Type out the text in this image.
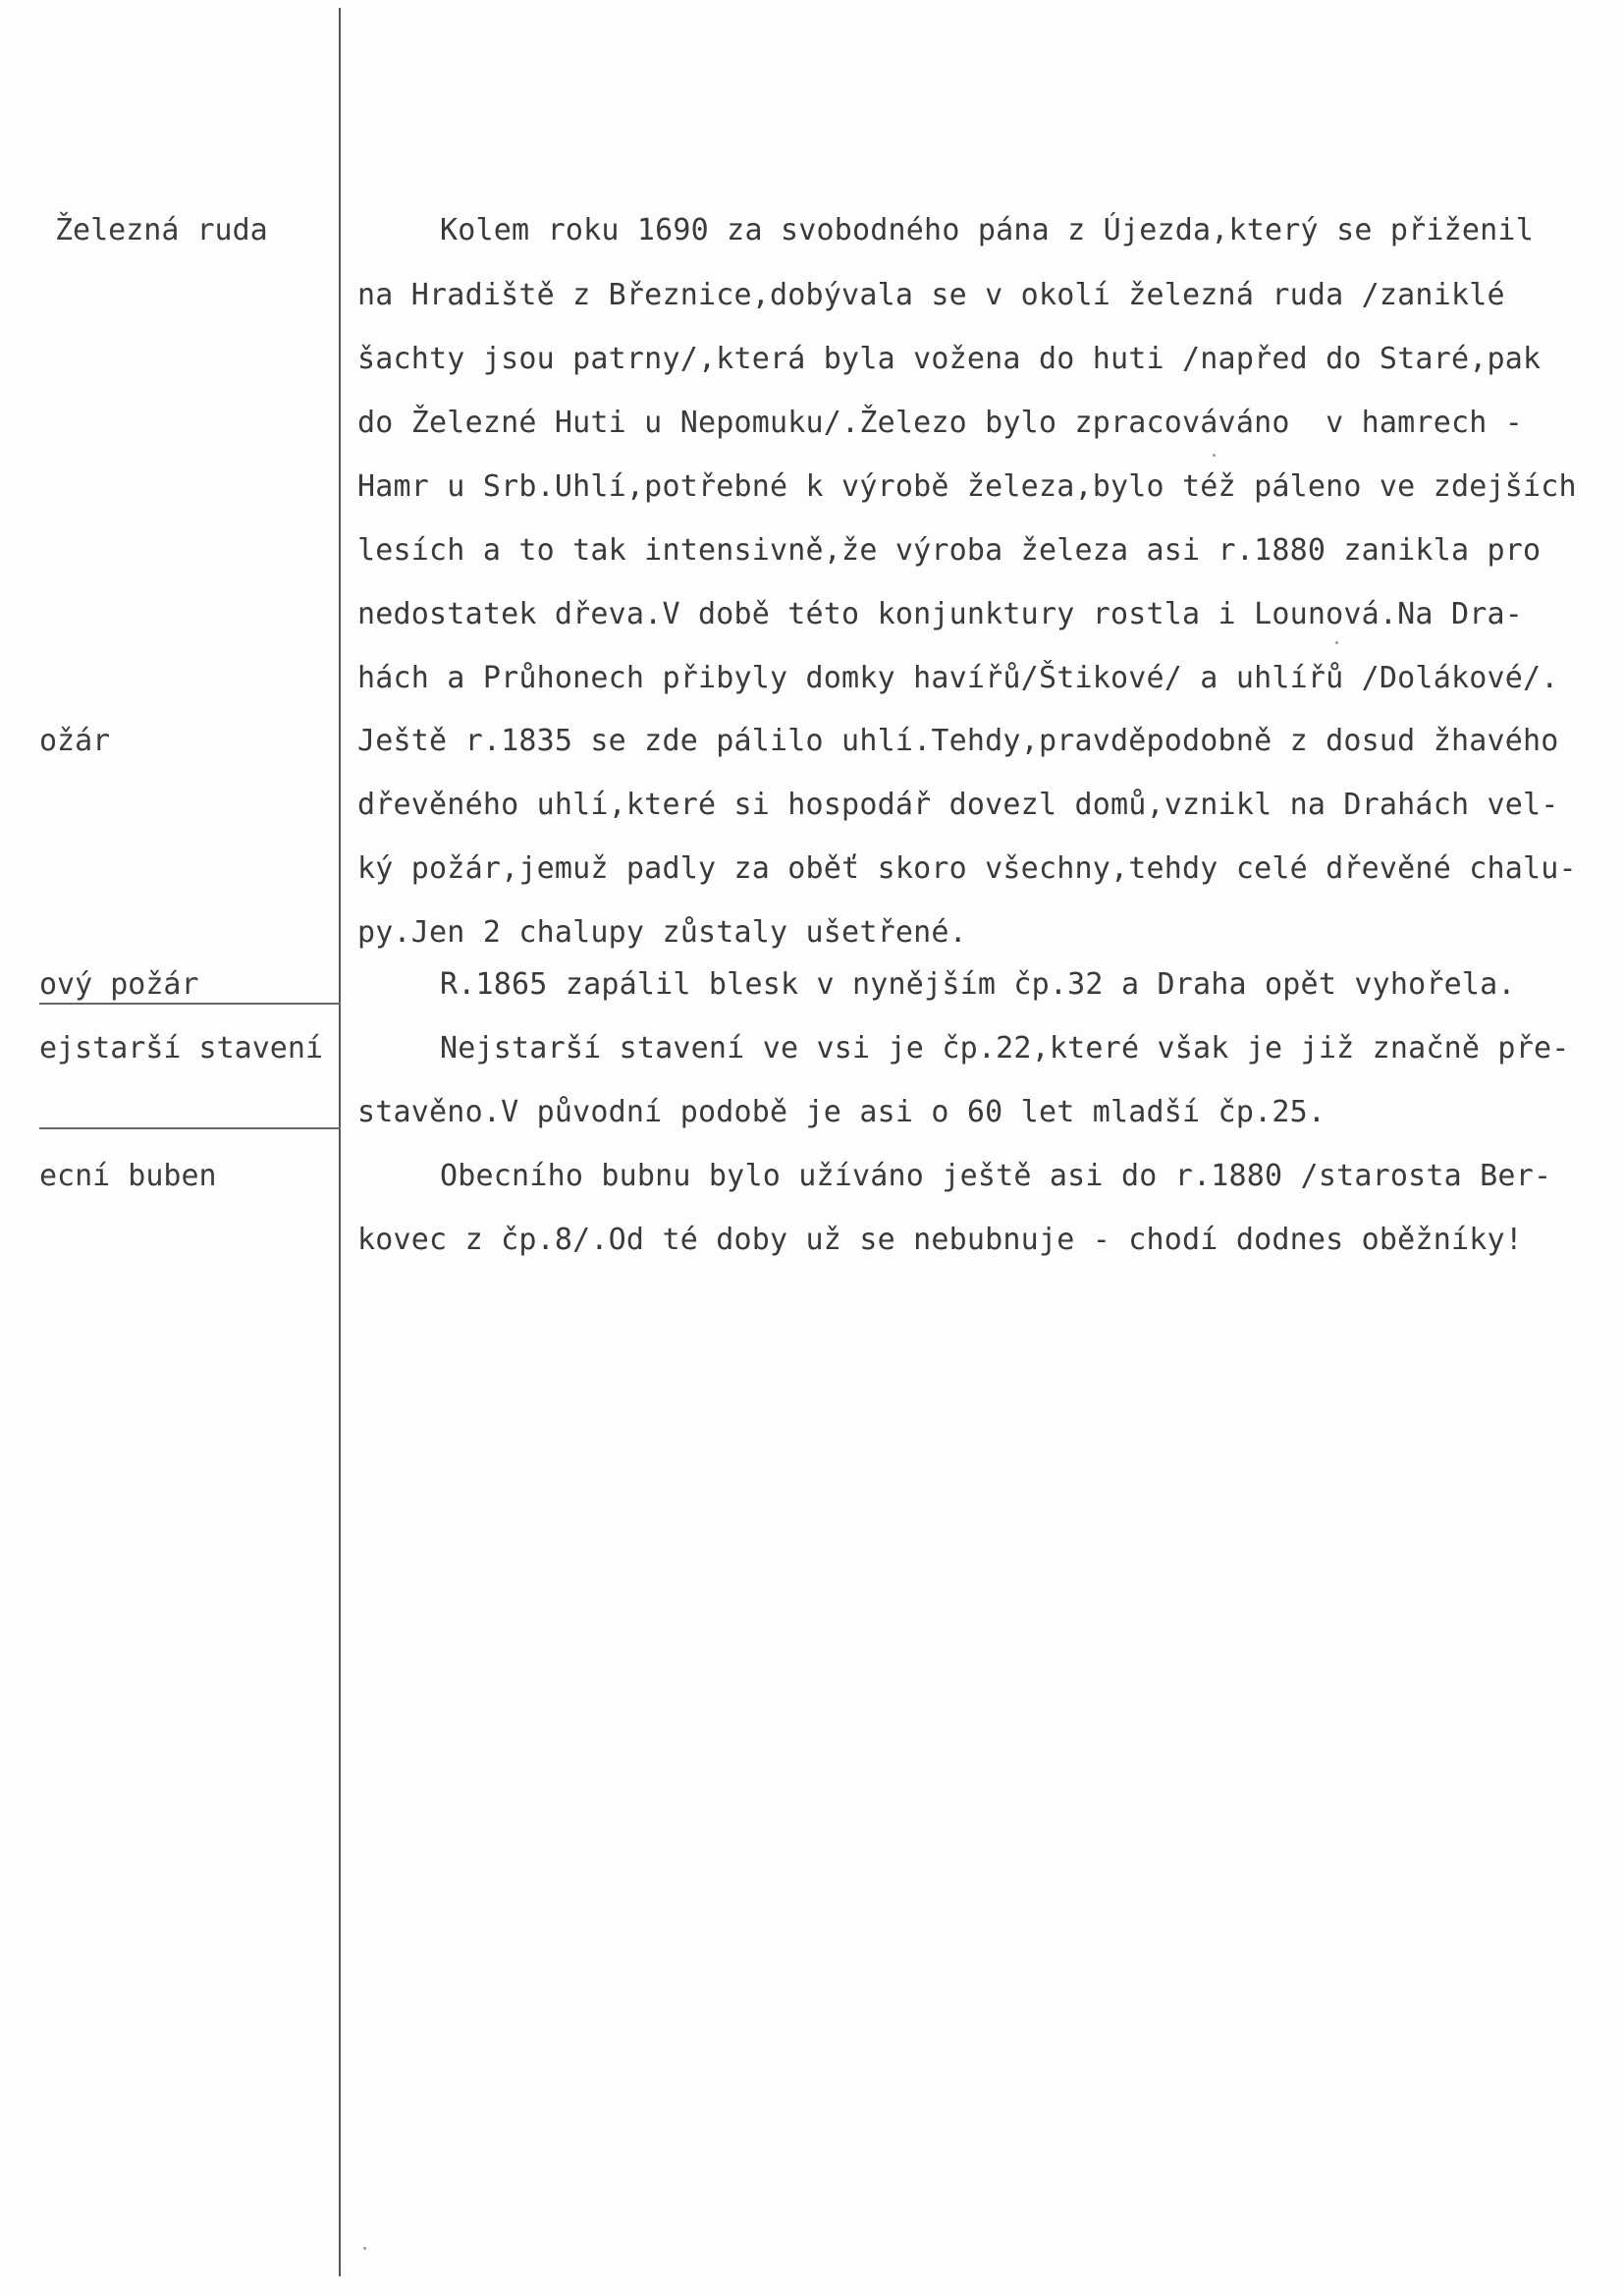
Železná ruda
ožár
ový požár
ejstarší stavení
ecní buben
Kolem roku 1690 za svobodného pána z Újezda,který se přiženil
na Hradiště z Březnice,dobývala se v okolí železná ruda /zaniklé
šachty jsou patrny/,která byla vožena do huti /napřed do Staré,pak
do Železné Huti u Nepomuku/.Železo bylo zpracováváno  v hamrech -
Hamr u Srb.Uhlí,potřebné k výrobě železa,bylo též páleno ve zdejších
lesích a to tak intensivně,že výroba železa asi r.1880 zanikla pro
nedostatek dřeva.V době této konjunktury rostla i Lounová.Na Dra-
hách a Průhonech přibyly domky havířů/Štikové/ a uhlířů /Dolákové/.
Ještě r.1835 se zde pálilo uhlí.Tehdy,pravděpodobně z dosud žhavého
dřevěného uhlí,které si hospodář dovezl domů,vznikl na Drahách vel-
ký požár,jemuž padly za oběť skoro všechny,tehdy celé dřevěné chalu-
py.Jen 2 chalupy zůstaly ušetřené.
R.1865 zapálil blesk v nynějším čp.32 a Draha opět vyhořela.
Nejstarší stavení ve vsi je čp.22,které však je již značně pře-
stavěno.V původní podobě je asi o 60 let mladší čp.25.
Obecního bubnu bylo užíváno ještě asi do r.1880 /starosta Ber-
kovec z čp.8/.Od té doby už se nebubnuje - chodí dodnes oběžníky!
